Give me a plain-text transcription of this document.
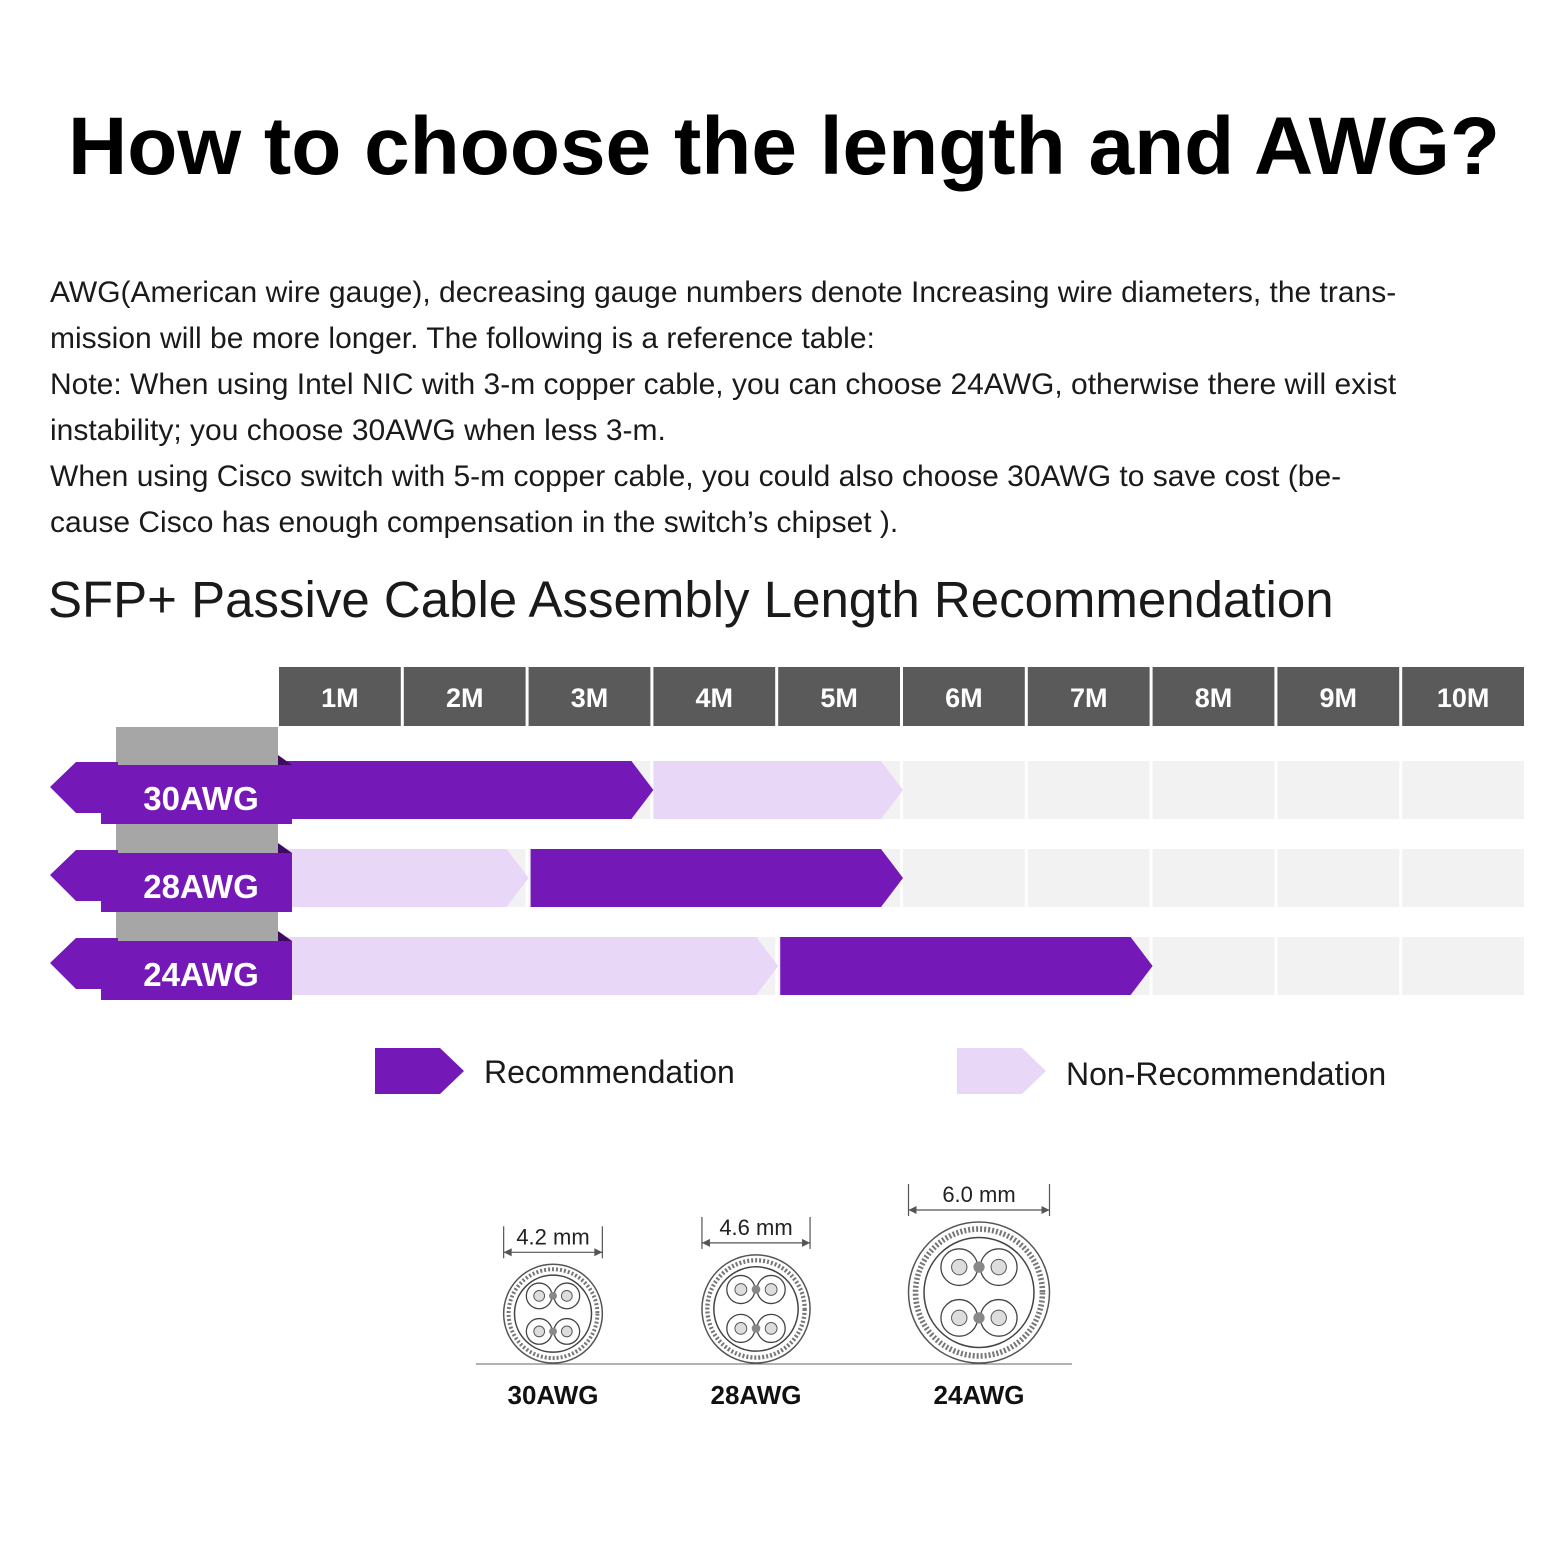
How to choose the length and AWG?

AWG(American wire gauge), decreasing gauge numbers denote Increasing wire diameters, the trans-

mission will be more longer. The following is a reference table:

Note: When using Intel NIC with 3-m copper cable, you can choose 24AWG, otherwise there will exist

instability; you choose 30AWG when less 3-m.

When using Cisco switch with 5-m copper cable, you could also choose 30AWG to save cost (be-

cause Cisco has enough compensation in the switch’s chipset ).

SFP+ Passive Cable Assembly Length Recommendation
1M	2M	3M	4M	5M	6M	7M	8M	9M	10M
30AWG
28AWG
24AWG
Recommendation	Non-Recommendation
4.2 mm
30AWG
4.6 mm
28AWG
6.0 mm
24AWG
